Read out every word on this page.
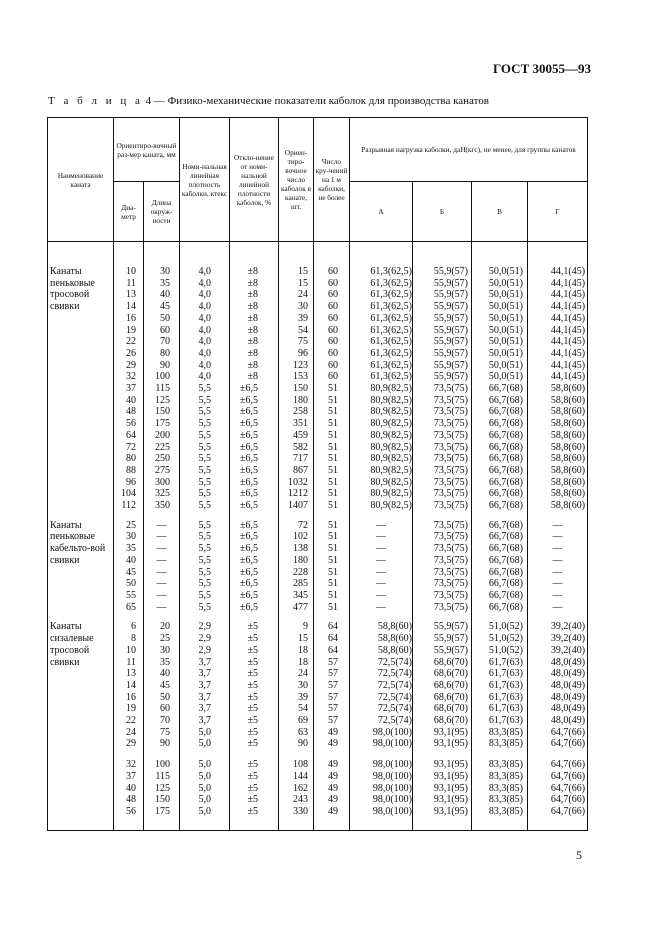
ГОСТ 30055—93
Т а б л и ц а 4 — Физико-механические показатели каболок для производства канатов
Наименование каната	Ориентиро-вочный раз-мер каната, мм		Номи-нальная линейная плотность каболки, ктекс	Откло-нение от номи-нальной линейной плотности каболок, %	Ориен-тиро-вочное число каболок в канате, шт.	Число кру-чений на 1 м каболки, не более	Разрывная нагрузка каболки, даН(кгс), не менее, для группы канатов			
	Диа-метр	Длина окруж-ности					А	Б	В	Г

Канаты пеньковые тросовой свивки	10	30	4,0	±8	15	60	61,3(62,5)	55,9(57)	50,0(51)	44,1(45)
	11	35	4,0	±8	15	60	61,3(62,5)	55,9(57)	50,0(51)	44,1(45)
	13	40	4,0	±8	24	60	61,3(62,5)	55,9(57)	50,0(51)	44,1(45)
	14	45	4,0	±8	30	60	61,3(62,5)	55,9(57)	50,0(51)	44,1(45)
	16	50	4,0	±8	39	60	61,3(62,5)	55,9(57)	50,0(51)	44,1(45)
	19	60	4,0	±8	54	60	61,3(62,5)	55,9(57)	50,0(51)	44,1(45)
	22	70	4,0	±8	75	60	61,3(62,5)	55,9(57)	50,0(51)	44,1(45)
	26	80	4,0	±8	96	60	61,3(62,5)	55,9(57)	50,0(51)	44,1(45)
	29	90	4,0	±8	123	60	61,3(62,5)	55,9(57)	50,0(51)	44,1(45)
	32	100	4,0	±8	153	60	61,3(62,5)	55,9(57)	50,0(51)	44,1(45)
	37	115	5,5	±6,5	150	51	80,9(82,5)	73,5(75)	66,7(68)	58,8(60)
	40	125	5,5	±6,5	180	51	80,9(82,5)	73,5(75)	66,7(68)	58,8(60)
	48	150	5,5	±6,5	258	51	80,9(82,5)	73,5(75)	66,7(68)	58,8(60)
	56	175	5,5	±6,5	351	51	80,9(82,5)	73,5(75)	66,7(68)	58,8(60)
	64	200	5,5	±6,5	459	51	80,9(82,5)	73,5(75)	66,7(68)	58,8(60)
	72	225	5,5	±6,5	582	51	80,9(82,5)	73,5(75)	66,7(68)	58,8(60)
	80	250	5,5	±6,5	717	51	80,9(82,5)	73,5(75)	66,7(68)	58,8(60)
	88	275	5,5	±6,5	867	51	80,9(82,5)	73,5(75)	66,7(68)	58,8(60)
	96	300	5,5	±6,5	1032	51	80,9(82,5)	73,5(75)	66,7(68)	58,8(60)
	104	325	5,5	±6,5	1212	51	80,9(82,5)	73,5(75)	66,7(68)	58,8(60)
	112	350	5,5	±6,5	1407	51	80,9(82,5)	73,5(75)	66,7(68)	58,8(60)

Канаты пеньковые кабельто-вой свивки	25	—	5,5	±6,5	72	51	—	73,5(75)	66,7(68)	—
	30	—	5,5	±6,5	102	51	—	73,5(75)	66,7(68)	—
	35	—	5,5	±6,5	138	51	—	73,5(75)	66,7(68)	—
	40	—	5,5	±6,5	180	51	—	73,5(75)	66,7(68)	—
	45	—	5,5	±6,5	228	51	—	73,5(75)	66,7(68)	—
	50	—	5,5	±6,5	285	51	—	73,5(75)	66,7(68)	—
	55	—	5,5	±6,5	345	51	—	73,5(75)	66,7(68)	—
	65	—	5,5	±6,5	477	51	—	73,5(75)	66,7(68)	—

Канаты сизалевые тросовой свивки	6	20	2,9	±5	9	64	58,8(60)	55,9(57)	51,0(52)	39,2(40)
	8	25	2,9	±5	15	64	58,8(60)	55,9(57)	51,0(52)	39,2(40)
	10	30	2,9	±5	18	64	58,8(60)	55,9(57)	51,0(52)	39,2(40)
	11	35	3,7	±5	18	57	72,5(74)	68,6(70)	61,7(63)	48,0(49)
	13	40	3,7	±5	24	57	72,5(74)	68,6(70)	61,7(63)	48,0(49)
	14	45	3,7	±5	30	57	72,5(74)	68,6(70)	61,7(63)	48,0(49)
	16	50	3,7	±5	39	57	72,5(74)	68,6(70)	61,7(63)	48,0(49)
	19	60	3,7	±5	54	57	72,5(74)	68,6(70)	61,7(63)	48,0(49)
	22	70	3,7	±5	69	57	72,5(74)	68,6(70)	61,7(63)	48,0(49)
	24	75	5,0	±5	63	49	98,0(100)	93,1(95)	83,3(85)	64,7(66)
	29	90	5,0	±5	90	49	98,0(100)	93,1(95)	83,3(85)	64,7(66)

	32	100	5,0	±5	108	49	98,0(100)	93,1(95)	83,3(85)	64,7(66)
	37	115	5,0	±5	144	49	98,0(100)	93,1(95)	83,3(85)	64,7(66)
	40	125	5,0	±5	162	49	98,0(100)	93,1(95)	83,3(85)	64,7(66)
	48	150	5,0	±5	243	49	98,0(100)	93,1(95)	83,3(85)	64,7(66)
	56	175	5,0	±5	330	49	98,0(100)	93,1(95)	83,3(85)	64,7(66)

5
